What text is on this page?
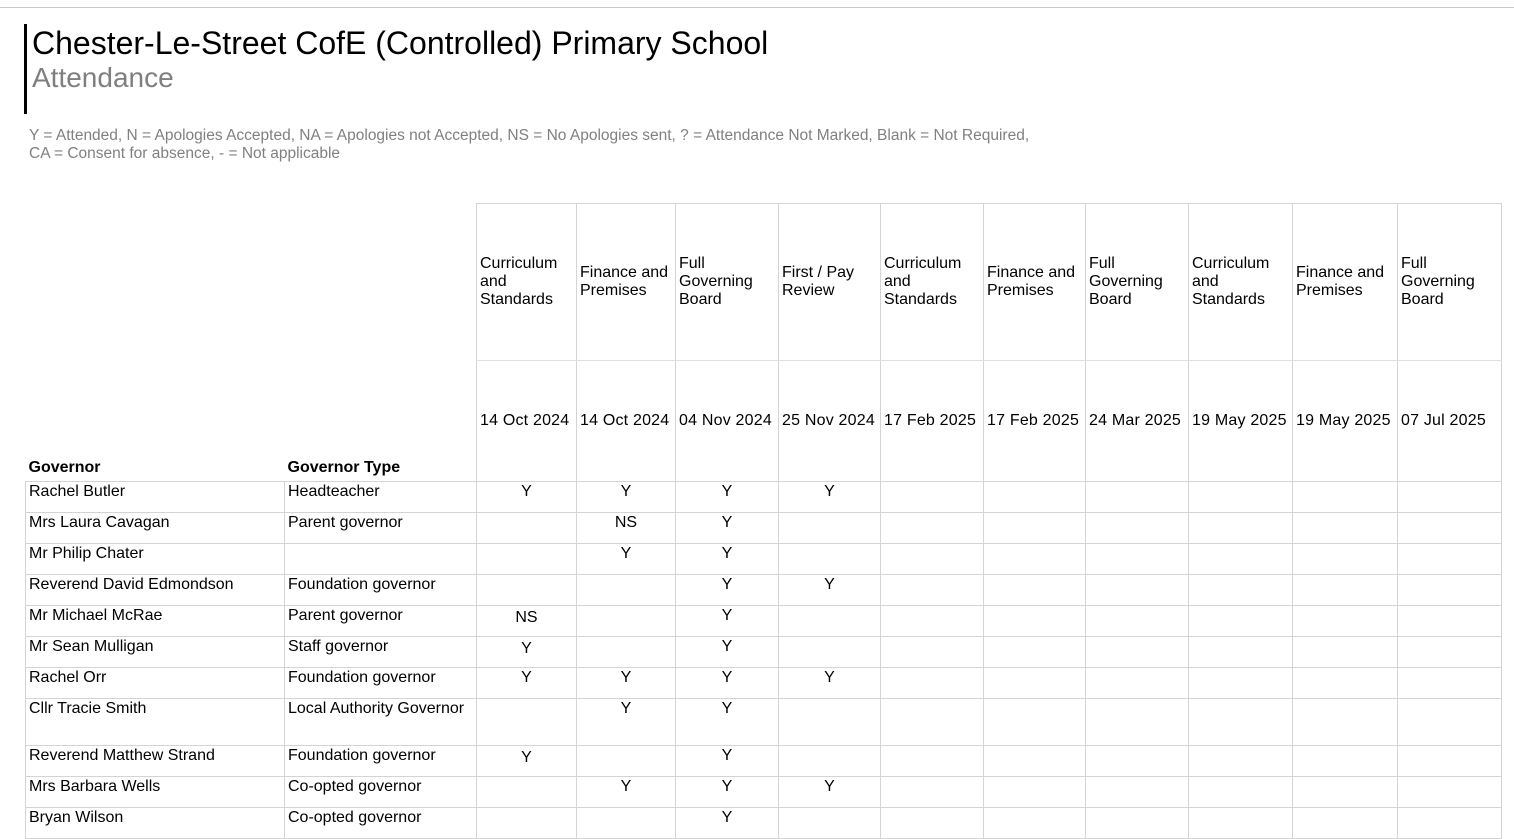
Chester-Le-Street CofE (Controlled) Primary School
Attendance
Y = Attended, N = Apologies Accepted, NA = Apologies not Accepted, NS = No Apologies sent, ? = Attendance Not Marked, Blank = Not Required,
CA = Consent for absence, - = Not applicable
		Curriculum and Standards	Finance and Premises	Full Governing Board	First / Pay Review	Curriculum and Standards	Finance and Premises	Full Governing Board	Curriculum and Standards	Finance and Premises	Full Governing Board
Governor	Governor Type	14 Oct 2024	14 Oct 2024	04 Nov 2024	25 Nov 2024	17 Feb 2025	17 Feb 2025	24 Mar 2025	19 May 2025	19 May 2025	07 Jul 2025
Rachel Butler	Headteacher	Y	Y	Y	Y						
Mrs Laura Cavagan	Parent governor		NS	Y							
Mr Philip Chater			Y	Y							
Reverend David Edmondson	Foundation governor			Y	Y						
Mr Michael McRae	Parent governor	NS		Y							
Mr Sean Mulligan	Staff governor	Y		Y							
Rachel Orr	Foundation governor	Y	Y	Y	Y						
Cllr Tracie Smith	Local Authority Governor		Y	Y							
Reverend Matthew Strand	Foundation governor	Y		Y							
Mrs Barbara Wells	Co-opted governor		Y	Y	Y						
Bryan Wilson	Co-opted governor			Y							
